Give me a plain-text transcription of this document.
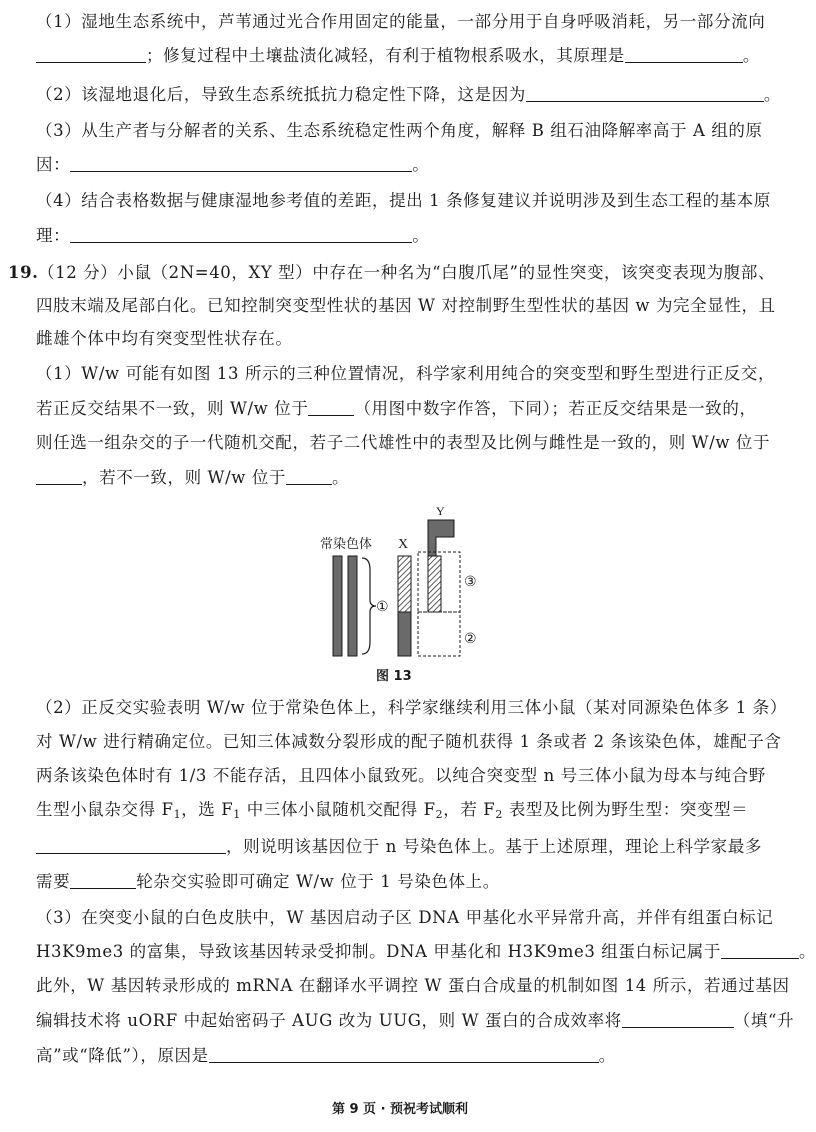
（1）湿地生态系统中，芦苇通过光合作用固定的能量，一部分用于自身呼吸消耗，另一部分流向
；修复过程中土壤盐渍化减轻，有利于植物根系吸水，其原理是	。
（2）该湿地退化后，导致生态系统抵抗力稳定性下降，这是因为	。
（3）从生产者与分解者的关系、生态系统稳定性两个角度，解释 B 组石油降解率高于 A 组的原
因：	。
（4）结合表格数据与健康湿地参考值的差距，提出 1 条修复建议并说明涉及到生态工程的基本原
理：	。
19. （12 分）小鼠（2N=40，XY 型）中存在一种名为“白腹爪尾”的显性突变，该突变表现为腹部、
四肢末端及尾部白化。已知控制突变型性状的基因 W 对控制野生型性状的基因 w 为完全显性，且
雌雄个体中均有突变型性状存在。
（1）W/w 可能有如图 13 所示的三种位置情况，科学家利用纯合的突变型和野生型进行正反交，
若正反交结果不一致，则 W/w 位于	（用图中数字作答，下同）；若正反交结果是一致的，
则任选一组杂交的子一代随机交配，若子二代雄性中的表型及比例与雌性是一致的，则 W/w 位于
，若不一致，则 W/w 位于	。
常染色体
①
X
Y
③
②
图 13
（2）正反交实验表明 W/w 位于常染色体上，科学家继续利用三体小鼠（某对同源染色体多 1 条）
对 W/w 进行精确定位。已知三体减数分裂形成的配子随机获得 1 条或者 2 条该染色体，雄配子含
两条该染色体时有 1/3 不能存活，且四体小鼠致死。以纯合突变型 n 号三体小鼠为母本与纯合野
生型小鼠杂交得 $F_1$，选 $F_1$ 中三体小鼠随机交配得 $F_2$，若 $F_2$ 表型及比例为野生型：突变型＝
，则说明该基因位于 n 号染色体上。基于上述原理，理论上科学家最多
需要	轮杂交实验即可确定 W/w 位于 1 号染色体上。
（3）在突变小鼠的白色皮肤中，W 基因启动子区 DNA 甲基化水平异常升高，并伴有组蛋白标记
H3K9me3 的富集，导致该基因转录受抑制。DNA 甲基化和 H3K9me3 组蛋白标记属于	。
此外，W 基因转录形成的 mRNA 在翻译水平调控 W 蛋白合成量的机制如图 14 所示，若通过基因
编辑技术将 uORF 中起始密码子 AUG 改为 UUG，则 W 蛋白的合成效率将	（填“升
高”或“降低”），原因是	。
第 9 页 · 预祝考试顺利
